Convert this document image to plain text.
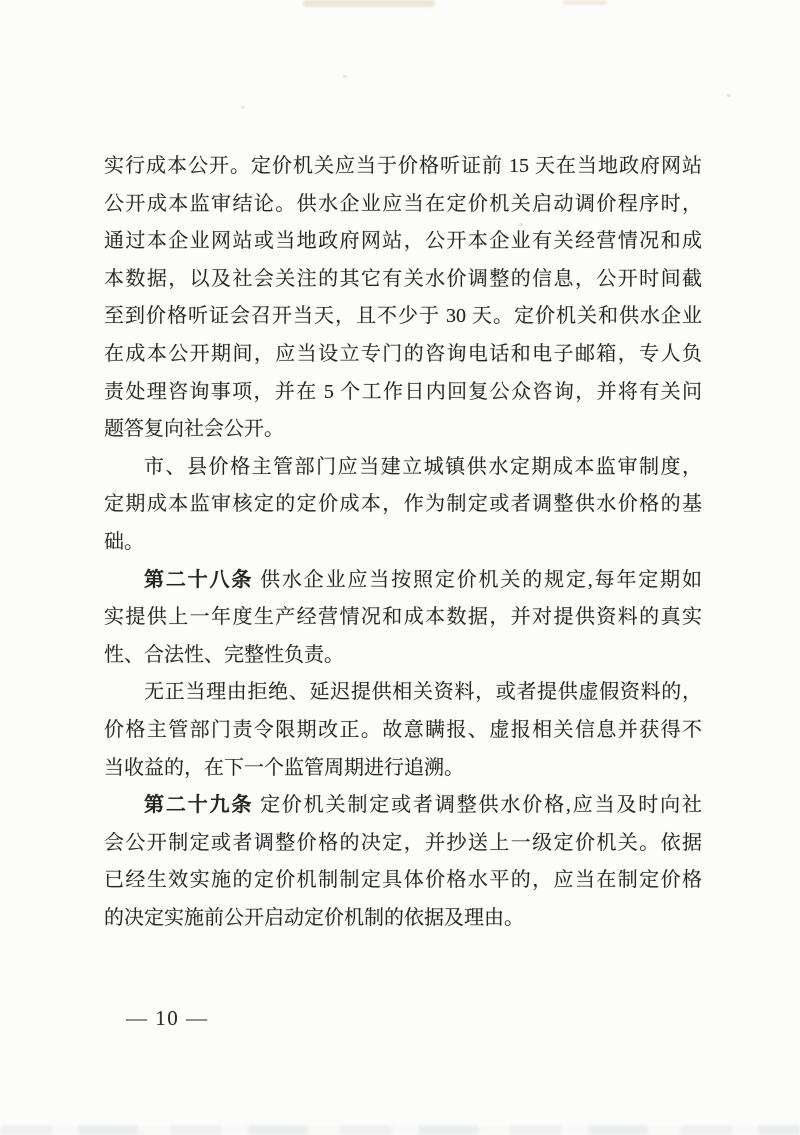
实行成本公开。定价机关应当于价格听证前 15 天在当地政府网站
公开成本监审结论。供水企业应当在定价机关启动调价程序时，
通过本企业网站或当地政府网站，公开本企业有关经营情况和成
本数据，以及社会关注的其它有关水价调整的信息，公开时间截
至到价格听证会召开当天，且不少于 30 天。定价机关和供水企业
在成本公开期间，应当设立专门的咨询电话和电子邮箱，专人负
责处理咨询事项，并在 5 个工作日内回复公众咨询，并将有关问
题答复向社会公开。
市、县价格主管部门应当建立城镇供水定期成本监审制度，
定期成本监审核定的定价成本，作为制定或者调整供水价格的基
础。
第二十八条 供水企业应当按照定价机关的规定,每年定期如
实提供上一年度生产经营情况和成本数据，并对提供资料的真实
性、合法性、完整性负责。
无正当理由拒绝、延迟提供相关资料，或者提供虚假资料的，
价格主管部门责令限期改正。故意瞒报、虚报相关信息并获得不
当收益的，在下一个监管周期进行追溯。
第二十九条 定价机关制定或者调整供水价格,应当及时向社
会公开制定或者调整价格的决定，并抄送上一级定价机关。依据
已经生效实施的定价机制制定具体价格水平的，应当在制定价格
的决定实施前公开启动定价机制的依据及理由。
— 10 —
